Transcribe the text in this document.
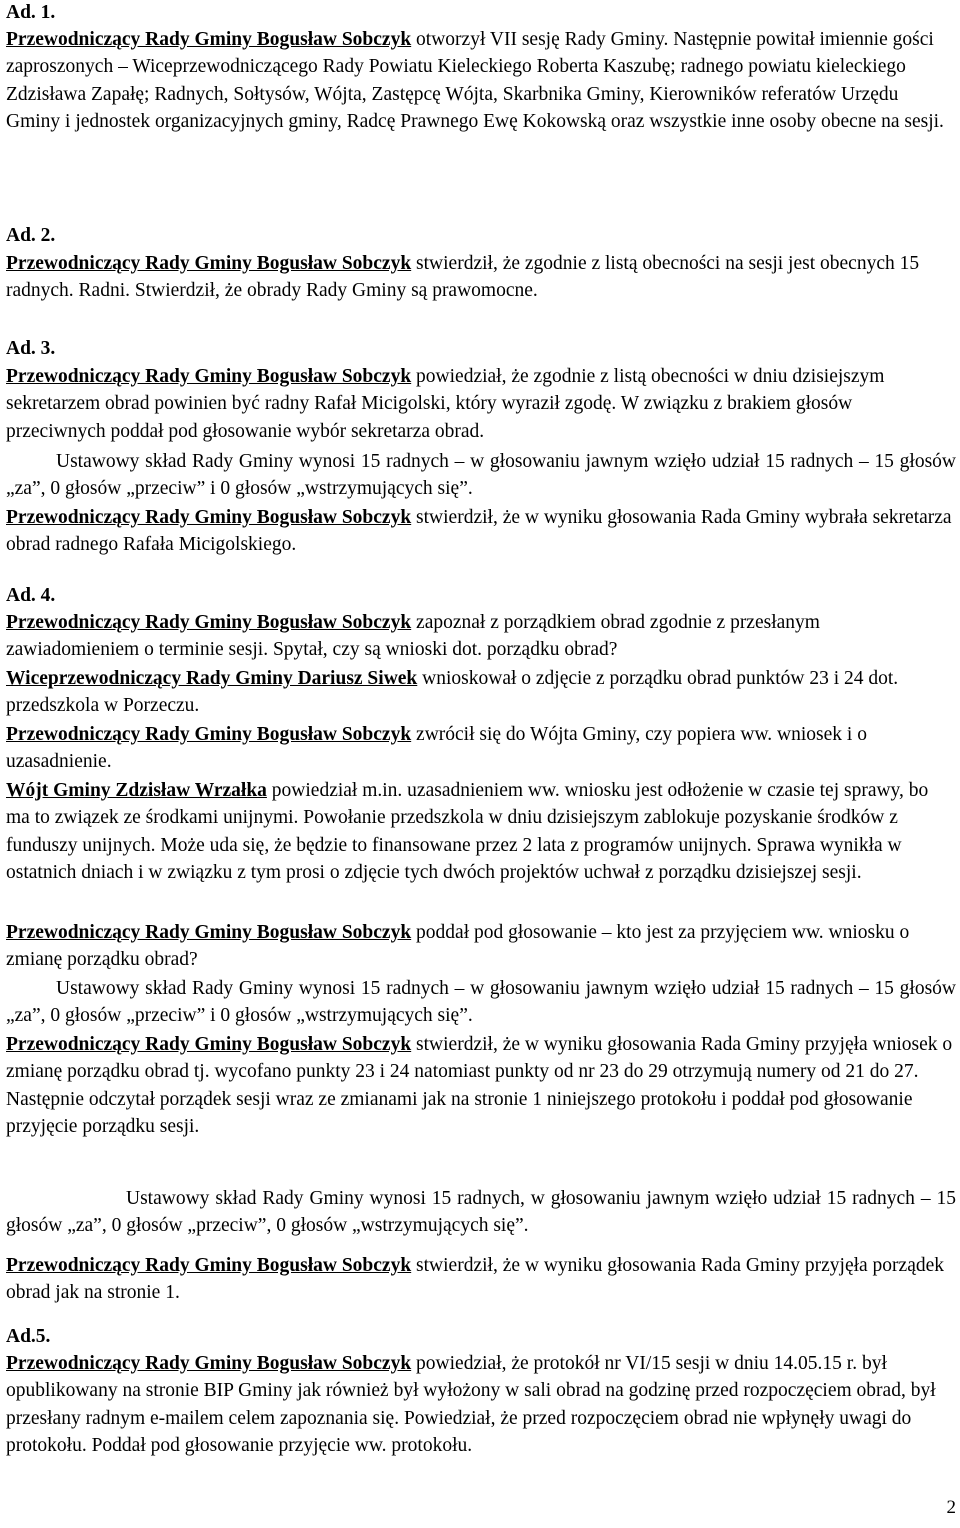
Ad. 1.

Przewodniczący Rady Gminy Bogusław Sobczyk otworzył VII sesję Rady Gminy. Następnie powitał imiennie gości zaproszonych – Wiceprzewodniczącego Rady Powiatu Kieleckiego Roberta Kaszubę; radnego powiatu kieleckiego Zdzisława Zapałę; Radnych, Sołtysów, Wójta, Zastępcę Wójta, Skarbnika Gminy, Kierowników referatów Urzędu Gminy i jednostek organizacyjnych gminy, Radcę Prawnego Ewę Kokowską oraz wszystkie inne osoby obecne na sesji.

Ad. 2.

Przewodniczący Rady Gminy Bogusław Sobczyk stwierdził, że zgodnie z listą obecności na sesji jest obecnych 15 radnych. Radni. Stwierdził, że obrady Rady Gminy są prawomocne.

Ad. 3.

Przewodniczący Rady Gminy Bogusław Sobczyk powiedział, że zgodnie z listą obecności w dniu dzisiejszym sekretarzem obrad powinien być radny Rafał Micigolski, który wyraził zgodę. W związku z brakiem głosów przeciwnych poddał pod głosowanie wybór sekretarza obrad.

Ustawowy skład Rady Gminy wynosi 15 radnych – w głosowaniu jawnym wzięło udział 15 radnych – 15 głosów „za”, 0 głosów „przeciw” i 0 głosów „wstrzymujących się”.

Przewodniczący Rady Gminy Bogusław Sobczyk stwierdził, że w wyniku głosowania Rada Gminy wybrała sekretarza obrad radnego Rafała Micigolskiego.

Ad. 4.

Przewodniczący Rady Gminy Bogusław Sobczyk zapoznał z porządkiem obrad zgodnie z przesłanym zawiadomieniem o terminie sesji. Spytał, czy są wnioski dot. porządku obrad?

Wiceprzewodniczący Rady Gminy Dariusz Siwek wnioskował o zdjęcie z porządku obrad punktów 23 i 24 dot. przedszkola w Porzeczu.

Przewodniczący Rady Gminy Bogusław Sobczyk zwrócił się do Wójta Gminy, czy popiera ww. wniosek i o uzasadnienie.

Wójt Gminy Zdzisław Wrzałka powiedział m.in. uzasadnieniem ww. wniosku jest odłożenie w czasie tej sprawy, bo ma to związek ze środkami unijnymi. Powołanie przedszkola w dniu dzisiejszym zablokuje pozyskanie środków z funduszy unijnych. Może uda się, że będzie to finansowane przez 2 lata z programów unijnych. Sprawa wynikła w ostatnich dniach i w związku z tym prosi o zdjęcie tych dwóch projektów uchwał z porządku dzisiejszej sesji.

Przewodniczący Rady Gminy Bogusław Sobczyk poddał pod głosowanie – kto jest za przyjęciem ww. wniosku o zmianę porządku obrad?

Ustawowy skład Rady Gminy wynosi 15 radnych – w głosowaniu jawnym wzięło udział 15 radnych – 15 głosów „za”, 0 głosów „przeciw” i 0 głosów „wstrzymujących się”.

Przewodniczący Rady Gminy Bogusław Sobczyk stwierdził, że w wyniku głosowania Rada Gminy przyjęła wniosek o zmianę porządku obrad tj. wycofano punkty 23 i 24 natomiast punkty od nr 23 do 29 otrzymują numery od 21 do 27. Następnie odczytał porządek sesji wraz ze zmianami jak na stronie 1 niniejszego protokołu i poddał pod głosowanie przyjęcie porządku sesji.

Ustawowy skład Rady Gminy wynosi 15 radnych, w głosowaniu jawnym wzięło udział 15 radnych – 15 głosów „za”, 0 głosów „przeciw”, 0 głosów „wstrzymujących się”.

Przewodniczący Rady Gminy Bogusław Sobczyk stwierdził, że w wyniku głosowania Rada Gminy przyjęła porządek obrad jak na stronie 1.

Ad.5.

Przewodniczący Rady Gminy Bogusław Sobczyk powiedział, że protokół nr VI/15 sesji w dniu 14.05.15 r. był opublikowany na stronie BIP Gminy jak również był wyłożony w sali obrad na godzinę przed rozpoczęciem obrad, był przesłany radnym e-mailem celem zapoznania się. Powiedział, że przed rozpoczęciem obrad nie wpłynęły uwagi do protokołu. Poddał pod głosowanie przyjęcie ww. protokołu.

2
